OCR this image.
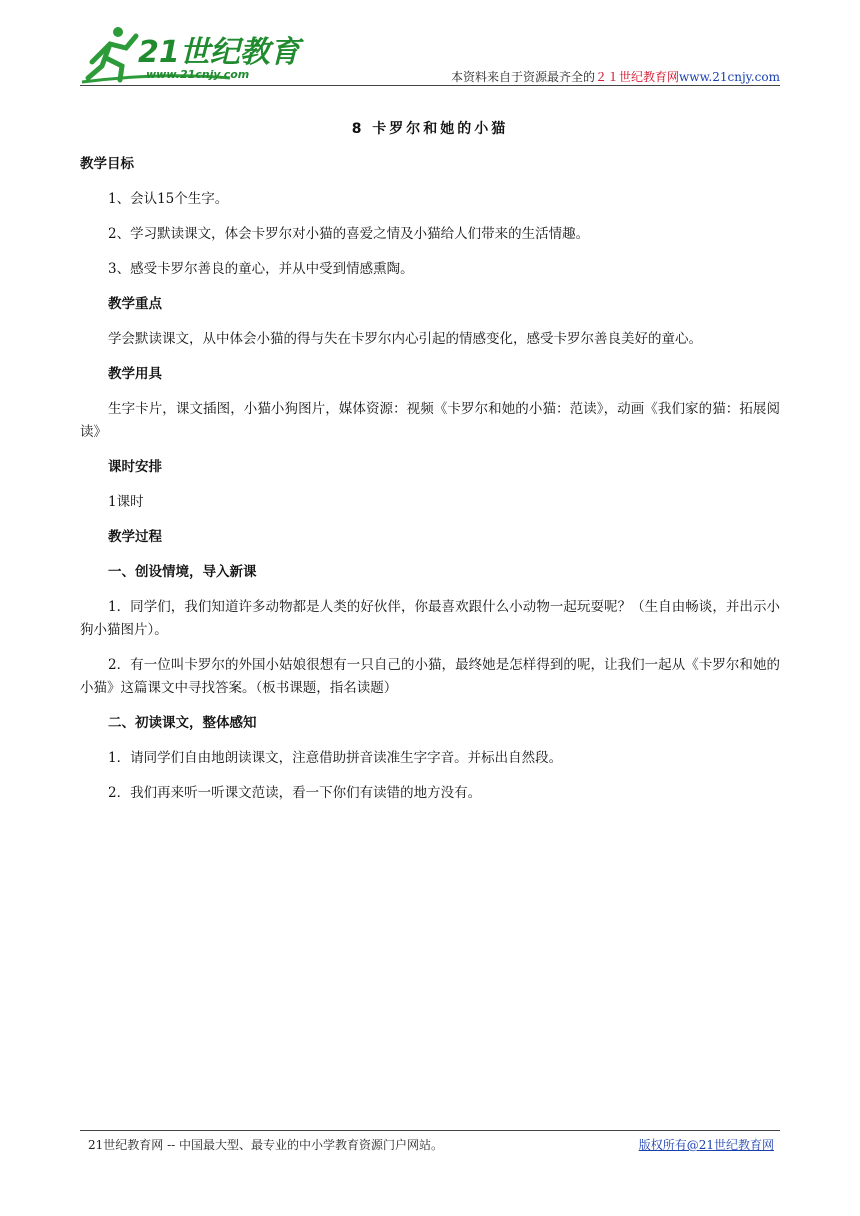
21世纪教育
www.21cnjy.com	本资料来自于资源最齐全的２１世纪教育网www.21cnjy.com
8 卡罗尔和她的小猫
教学目标
1、会认15个生字。
2、学习默读课文，体会卡罗尔对小猫的喜爱之情及小猫给人们带来的生活情趣。
3、感受卡罗尔善良的童心，并从中受到情感熏陶。
教学重点
学会默读课文，从中体会小猫的得与失在卡罗尔内心引起的情感变化，感受卡罗尔善良美好的童心。
教学用具
生字卡片，课文插图，小猫小狗图片，媒体资源：视频《卡罗尔和她的小猫：范读》，动画《我们家的猫：拓展阅读》
课时安排
1课时
教学过程
一、创设情境，导入新课
1．同学们，我们知道许多动物都是人类的好伙伴，你最喜欢跟什么小动物一起玩耍呢？（生自由畅谈，并出示小狗小猫图片）。
2．有一位叫卡罗尔的外国小姑娘很想有一只自己的小猫，最终她是怎样得到的呢，让我们一起从《卡罗尔和她的小猫》这篇课文中寻找答案。（板书课题，指名读题）
二、初读课文，整体感知
1．请同学们自由地朗读课文，注意借助拼音读准生字字音。并标出自然段。
2．我们再来听一听课文范读，看一下你们有读错的地方没有。
21世纪教育网 -- 中国最大型、最专业的中小学教育资源门户网站。	版权所有@21世纪教育网
